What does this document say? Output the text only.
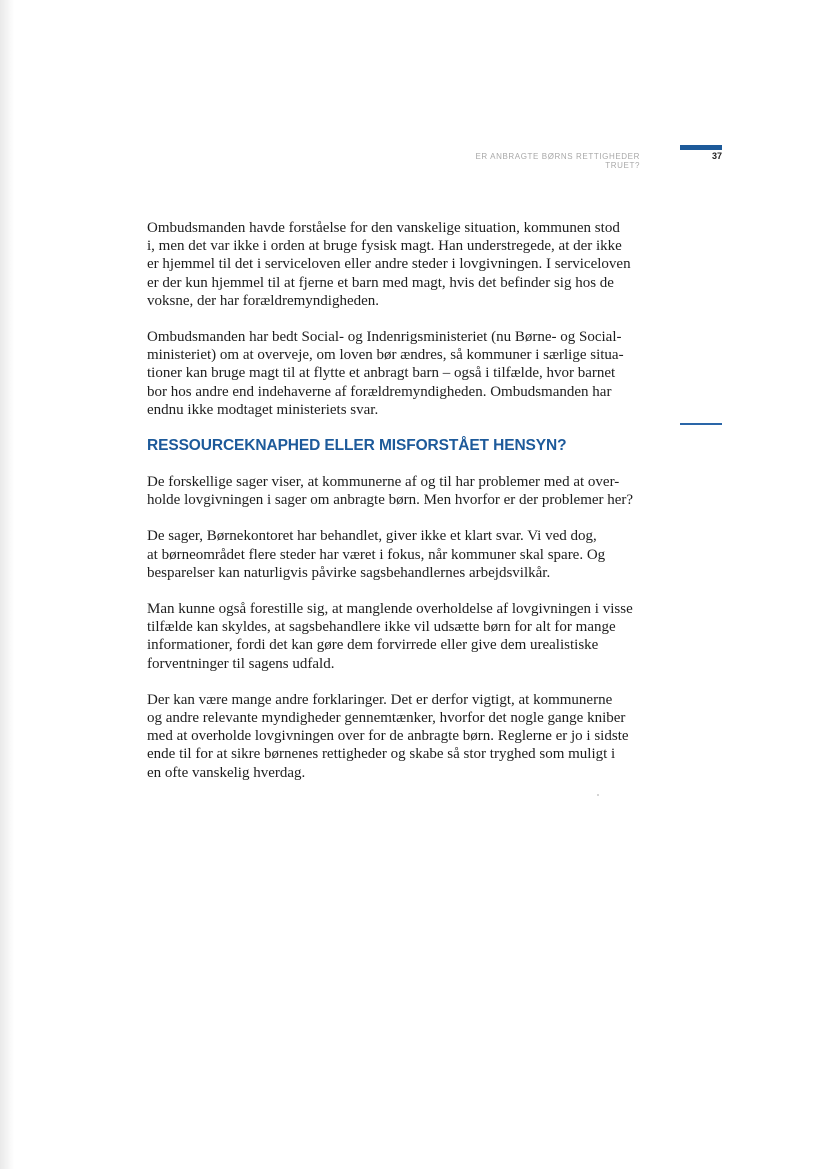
ER ANBRAGTE BØRNS RETTIGHEDER TRUET?
37

Ombudsmanden havde forståelse for den vanskelige situation, kommunen stod
i, men det var ikke i orden at bruge fysisk magt. Han understregede, at der ikke
er hjemmel til det i serviceloven eller andre steder i lovgivningen. I serviceloven
er der kun hjemmel til at fjerne et barn med magt, hvis det befinder sig hos de
voksne, der har forældremyndigheden.

Ombudsmanden har bedt Social- og Indenrigsministeriet (nu Børne- og Social-
ministeriet) om at overveje, om loven bør ændres, så kommuner i særlige situa-
tioner kan bruge magt til at flytte et anbragt barn – også i tilfælde, hvor barnet
bor hos andre end indehaverne af forældremyndigheden. Ombudsmanden har
endnu ikke modtaget ministeriets svar.

RESSOURCEKNAPHED ELLER MISFORSTÅET HENSYN?

De forskellige sager viser, at kommunerne af og til har problemer med at over-
holde lovgivningen i sager om anbragte børn. Men hvorfor er der problemer her?

De sager, Børnekontoret har behandlet, giver ikke et klart svar. Vi ved dog,
at børneområdet flere steder har været i fokus, når kommuner skal spare. Og
besparelser kan naturligvis påvirke sagsbehandlernes arbejdsvilkår.

Man kunne også forestille sig, at manglende overholdelse af lovgivningen i visse
tilfælde kan skyldes, at sagsbehandlere ikke vil udsætte børn for alt for mange
informationer, fordi det kan gøre dem forvirrede eller give dem urealistiske
forventninger til sagens udfald.

Der kan være mange andre forklaringer. Det er derfor vigtigt, at kommunerne
og andre relevante myndigheder gennemtænker, hvorfor det nogle gange kniber
med at overholde lovgivningen over for de anbragte børn. Reglerne er jo i sidste
ende til for at sikre børnenes rettigheder og skabe så stor tryghed som muligt i
en ofte vanskelig hverdag.
